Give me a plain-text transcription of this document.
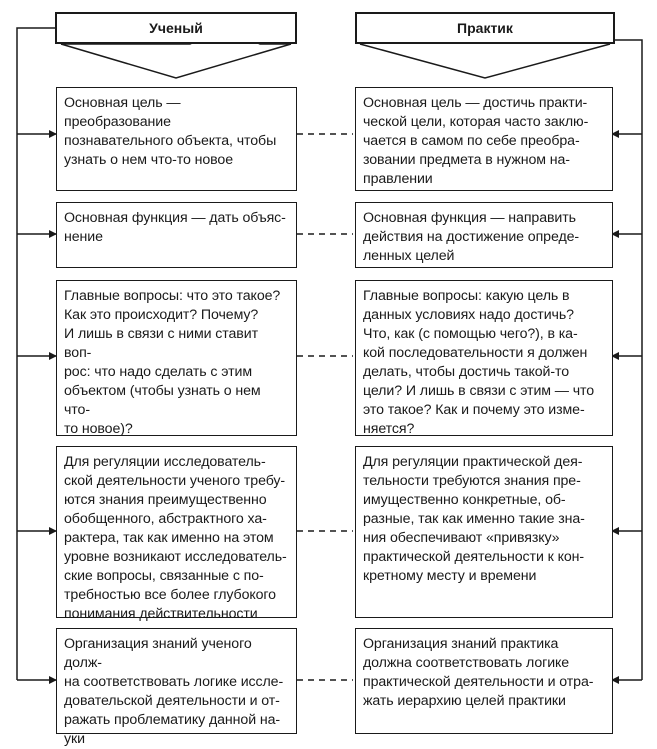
Ученый	Практик
Основная цель — преобразование
познавательного объекта, чтобы
узнать о нем что-то новое
Основная цель — достичь практи-
ческой цели, которая часто заклю-
чается в самом по себе преобра-
зовании предмета в нужном на-
правлении
Основная функция — дать объяс-
нение
Основная функция — направить
действия на достижение опреде-
ленных целей
Главные вопросы: что это такое?
Как это происходит? Почему?
И лишь в связи с ними ставит воп-
рос: что надо сделать с этим
объектом (чтобы узнать о нем что-
то новое)?
Главные вопросы: какую цель в
данных условиях надо достичь?
Что, как (с помощью чего?), в ка-
кой последовательности я должен
делать, чтобы достичь такой-то
цели? И лишь в связи с этим — что
это такое? Как и почему это изме-
няется?
Для регуляции исследователь-
ской деятельности ученого требу-
ются знания преимущественно
обобщенного, абстрактного ха-
рактера, так как именно на этом
уровне возникают исследователь-
ские вопросы, связанные с по-
требностью все более глубокого
понимания действительности
Для регуляции практической дея-
тельности требуются знания пре-
имущественно конкретные, об-
разные, так как именно такие зна-
ния обеспечивают «привязку»
практической деятельности к кон-
кретному месту и времени
Организация знаний ученого долж-
на соответствовать логике иссле-
довательской деятельности и от-
ражать проблематику данной на-
уки
Организация знаний практика
должна соответствовать логике
практической деятельности и отра-
жать иерархию целей практики
